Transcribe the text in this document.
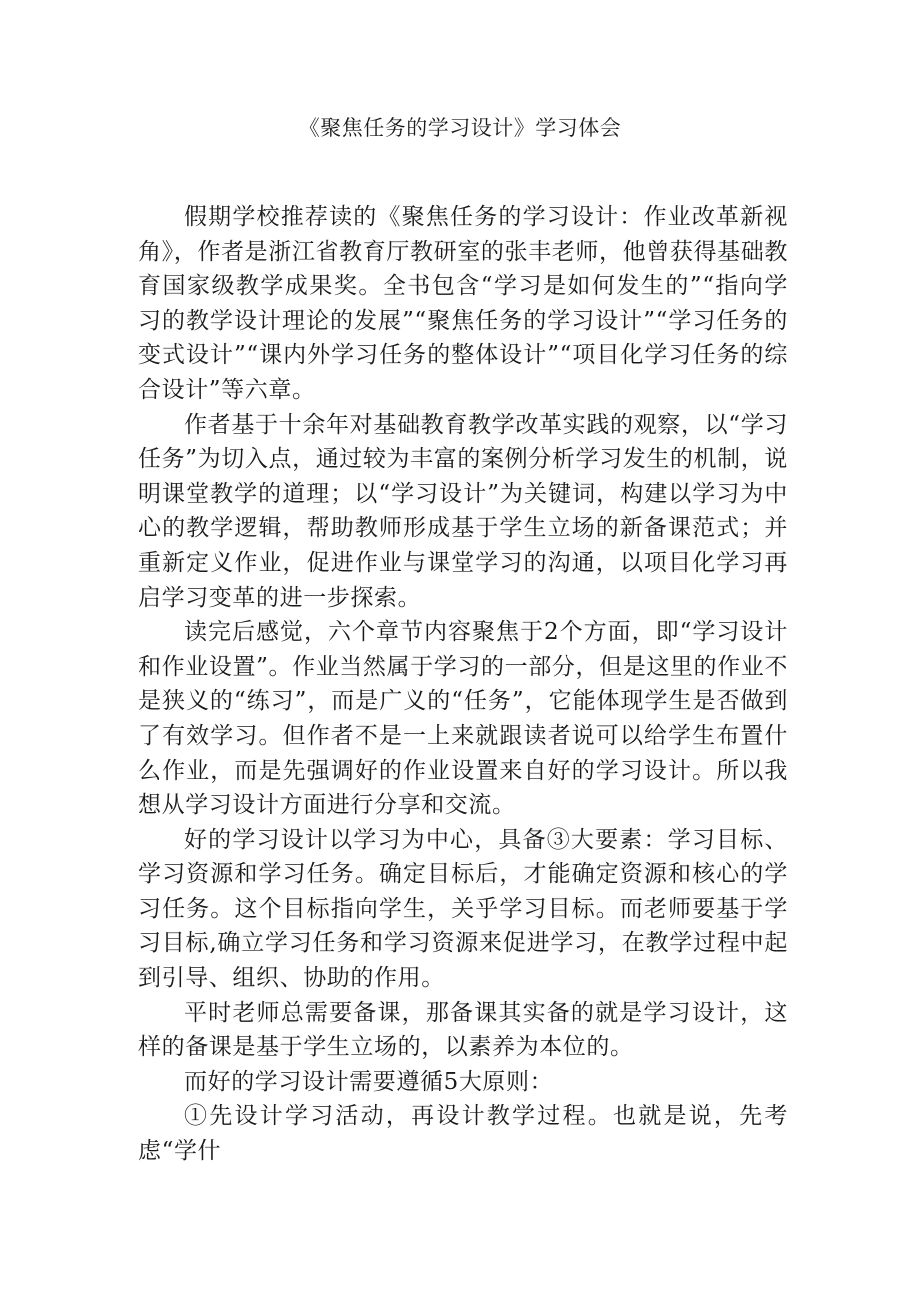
《聚焦任务的学习设计》学习体会

假期学校推荐读的《聚焦任务的学习设计：作业改革新视角》，作者是浙江省教育厅教研室的张丰老师，他曾获得基础教育国家级教学成果奖。全书包含“学习是如何发生的”“指向学习的教学设计理论的发展”“聚焦任务的学习设计”“学习任务的变式设计”“课内外学习任务的整体设计”“项目化学习任务的综合设计”等六章。

作者基于十余年对基础教育教学改革实践的观察，以“学习任务”为切入点，通过较为丰富的案例分析学习发生的机制，说明课堂教学的道理；以“学习设计”为关键词，构建以学习为中心的教学逻辑，帮助教师形成基于学生立场的新备课范式；并重新定义作业，促进作业与课堂学习的沟通，以项目化学习再启学习变革的进一步探索。

读完后感觉，六个章节内容聚焦于2个方面，即“学习设计和作业设置”。作业当然属于学习的一部分，但是这里的作业不是狭义的“练习”，而是广义的“任务”，它能体现学生是否做到了有效学习。但作者不是一上来就跟读者说可以给学生布置什么作业，而是先强调好的作业设置来自好的学习设计。所以我想从学习设计方面进行分享和交流。

好的学习设计以学习为中心，具备③大要素：学习目标、学习资源和学习任务。确定目标后，才能确定资源和核心的学习任务。这个目标指向学生，关乎学习目标。而老师要基于学习目标,确立学习任务和学习资源来促进学习，在教学过程中起到引导、组织、协助的作用。

平时老师总需要备课，那备课其实备的就是学习设计，这样的备课是基于学生立场的，以素养为本位的。

而好的学习设计需要遵循5大原则：

①先设计学习活动，再设计教学过程。也就是说，先考虑“学什
